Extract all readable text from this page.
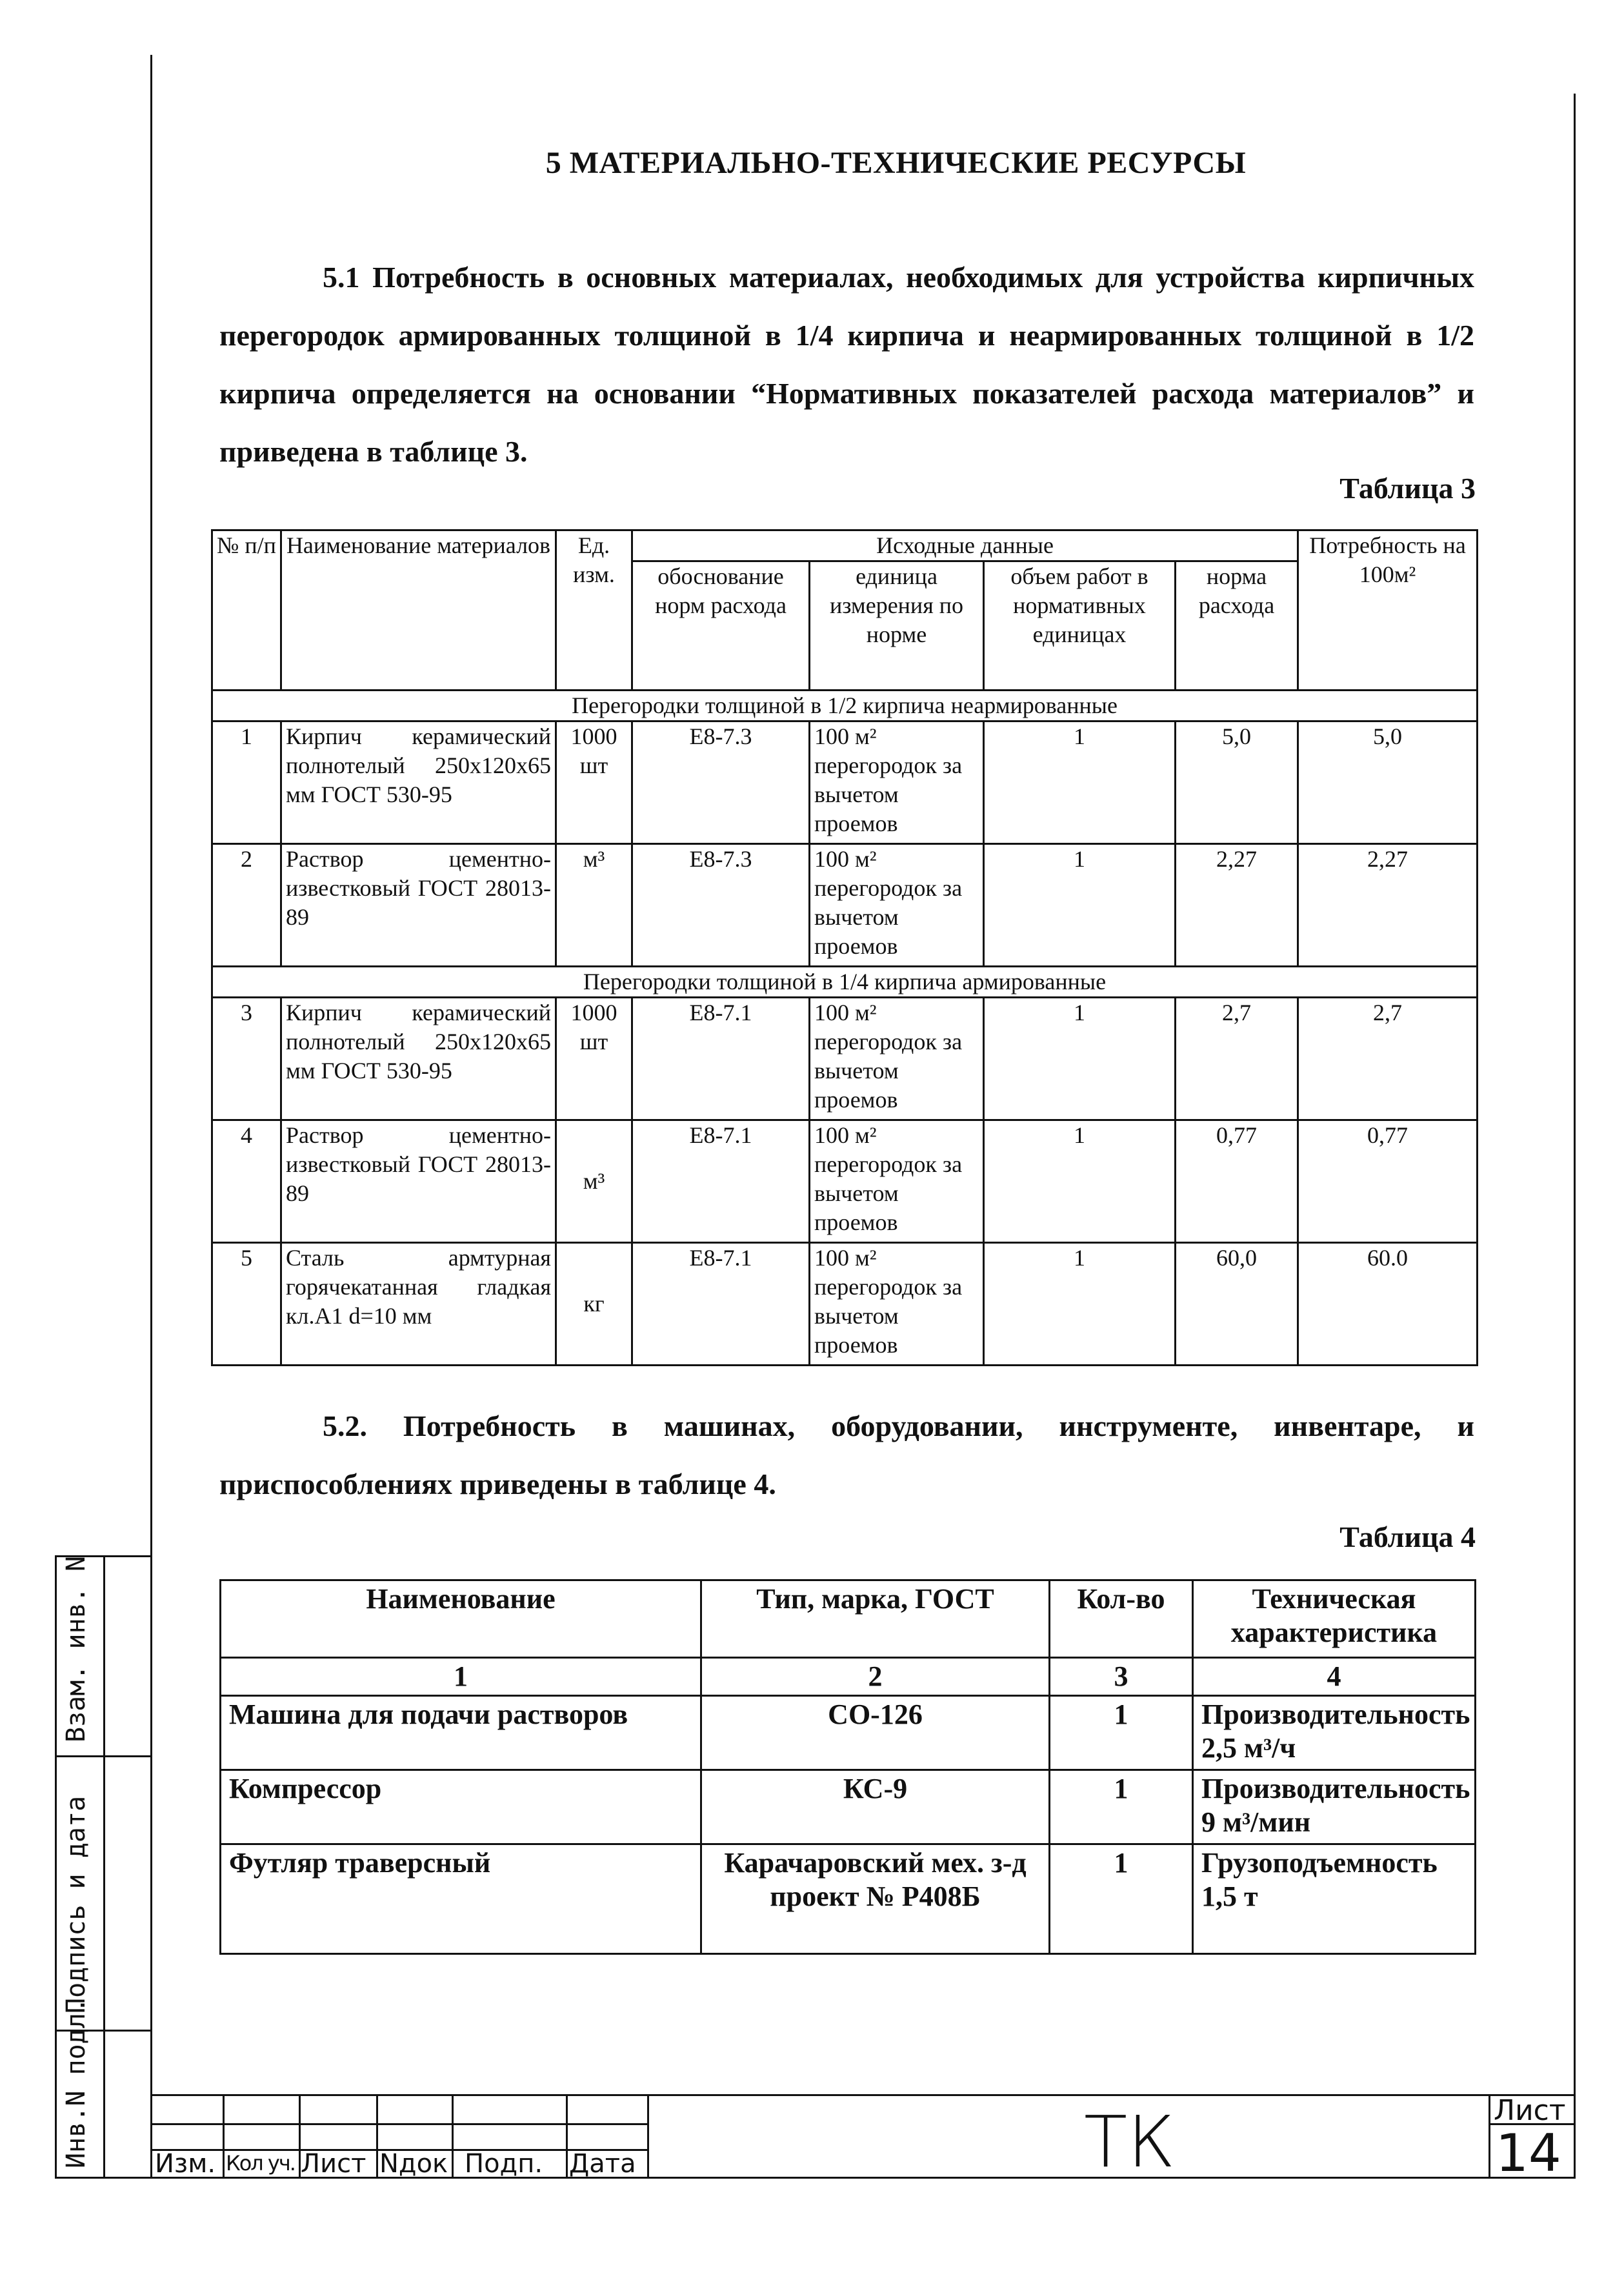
Взам. инв. N
Подпись и дата
Инв.N подл.
5 МАТЕРИАЛЬНО-ТЕХНИЧЕСКИЕ РЕСУРСЫ
5.1 Потребность в основных материалах, необходимых для устройства кирпичных перегородок армированных толщиной в 1/4 кирпича и неармированных толщиной в 1/2 кирпича определяется на основании “Нормативных показателей расхода материалов” и приведена в таблице 3.
Таблица 3
№ п/п	Наименование материалов	Ед. изм.	Исходные данные				Потребность на 100м²
			обоснование норм расхода	единица измерения по норме	объем работ в нормативных единицах	норма расхода	
Перегородки толщиной в 1/2 кирпича неармированные							
1	Кирпич керамический полнотелый 250х120х65 мм ГОСТ 530-95	1000 шт	Е8-7.3	100 м² перегородок за вычетом проемов	1	5,0	5,0
2	Раствор цементно-известковый ГОСТ 28013-89	м³	Е8-7.3	100 м² перегородок за вычетом проемов	1	2,27	2,27
Перегородки толщиной в 1/4 кирпича армированные							
3	Кирпич керамический полнотелый 250х120х65 мм ГОСТ 530-95	1000 шт	Е8-7.1	100 м² перегородок за вычетом проемов	1	2,7	2,7
4	Раствор цементно-известковый ГОСТ 28013-89	м³	Е8-7.1	100 м² перегородок за вычетом проемов	1	0,77	0,77
5	Сталь армтурная горячекатанная гладкая кл.А1 d=10 мм	кг	Е8-7.1	100 м² перегородок за вычетом проемов	1	60,0	60.0
5.2. Потребность в машинах, оборудовании, инструменте, инвентаре, и приспособлениях приведены в таблице 4.
Таблица 4
Наименование	Тип, марка, ГОСТ	Кол-во	Техническая характеристика
1	2	3	4
Машина для подачи растворов	СО-126	1	Производительность 2,5 м³/ч
Компрессор	КС-9	1	Производительность 9 м³/мин
Футляр траверсный	Карачаровский мех. з-д проект № Р408Б	1	Грузоподъемность 1,5 т
Изм. Кол уч. Лист Nдок Подп. Дата	ТК	Лист
14
